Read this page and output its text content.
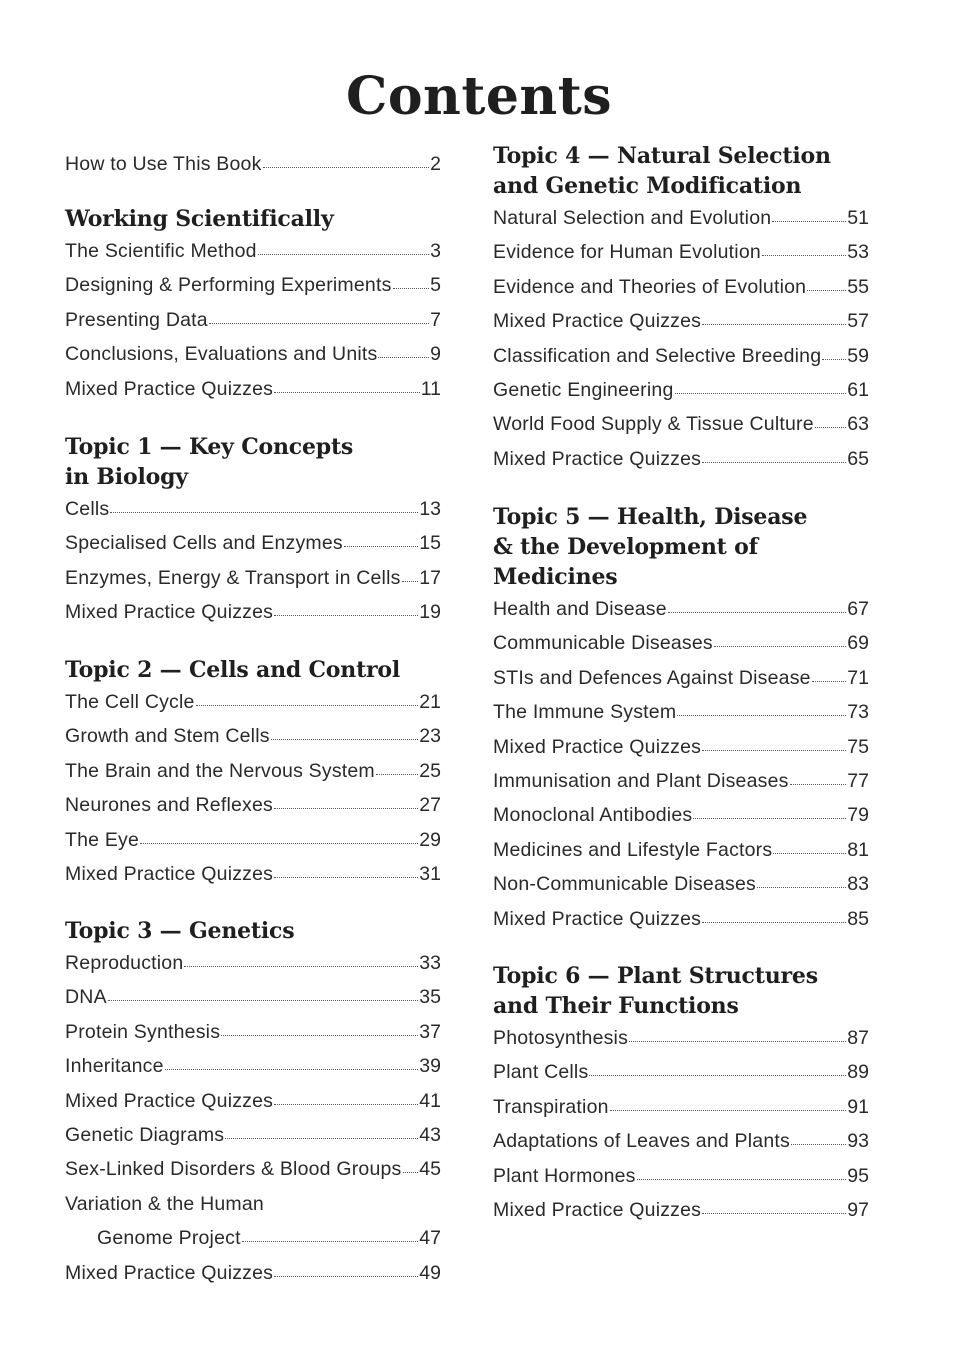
Contents
How to Use This Book	2
Working Scientifically
The Scientific Method	3
Designing & Performing Experiments 5
Presenting Data	7
Conclusions, Evaluations and Units	9
Mixed Practice Quizzes	11
Topic 1 — Key Concepts
in Biology
Cells	13
Specialised Cells and Enzymes	15
Enzymes, Energy & Transport in Cells 17
Mixed Practice Quizzes	19
Topic 2 — Cells and Control
The Cell Cycle	21
Growth and Stem Cells	23
The Brain and the Nervous System 25
Neurones and Reflexes	27
The Eye	29
Mixed Practice Quizzes	31
Topic 3 — Genetics
Reproduction	33
DNA	35
Protein Synthesis	37
Inheritance	39
Mixed Practice Quizzes	41
Genetic Diagrams	43
Sex-Linked Disorders & Blood Groups 45
Variation & the Human
Genome Project	47
Mixed Practice Quizzes	49
Topic 4 — Natural Selection
and Genetic Modification
Natural Selection and Evolution	51
Evidence for Human Evolution	53
Evidence and Theories of Evolution 55
Mixed Practice Quizzes	57
Classification and Selective Breeding 59
Genetic Engineering	61
World Food Supply & Tissue Culture 63
Mixed Practice Quizzes	65
Topic 5 — Health, Disease
& the Development of
Medicines
Health and Disease	67
Communicable Diseases	69
STIs and Defences Against Disease 71
The Immune System	73
Mixed Practice Quizzes	75
Immunisation and Plant Diseases	77
Monoclonal Antibodies	79
Medicines and Lifestyle Factors	81
Non-Communicable Diseases	83
Mixed Practice Quizzes	85
Topic 6 — Plant Structures
and Their Functions
Photosynthesis	87
Plant Cells	89
Transpiration	91
Adaptations of Leaves and Plants	93
Plant Hormones	95
Mixed Practice Quizzes	97
